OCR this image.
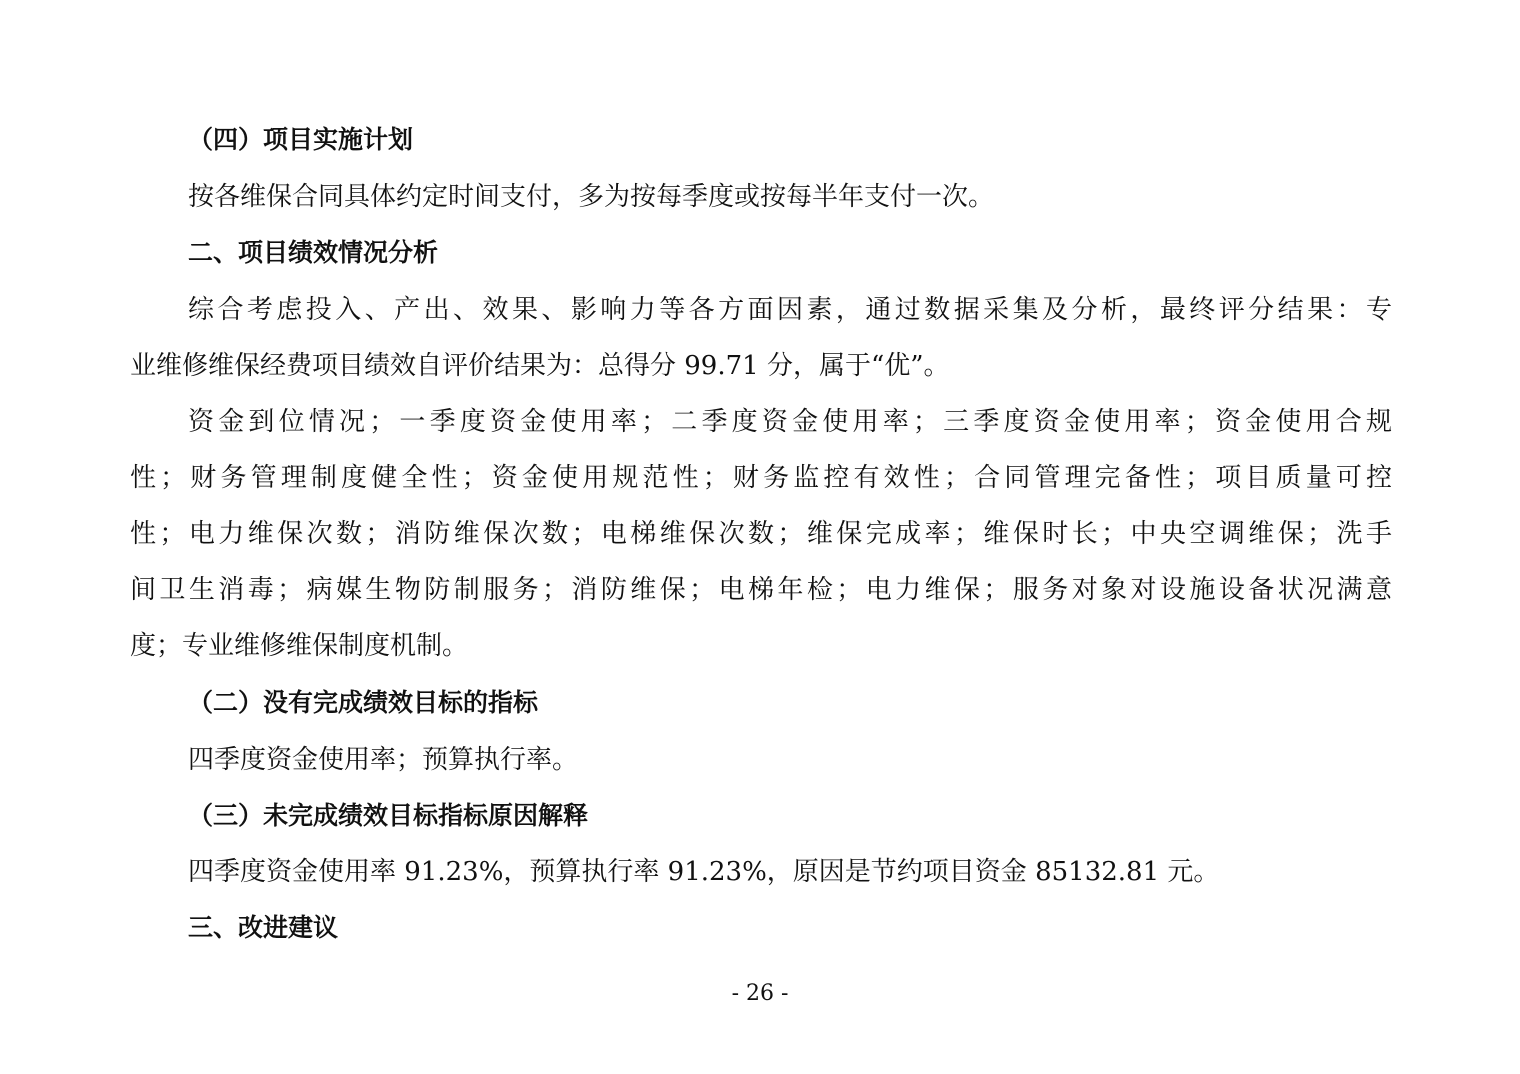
（四）项目实施计划
按各维保合同具体约定时间支付，多为按每季度或按每半年支付一次。
二、项目绩效情况分析
综合考虑投入、产出、效果、影响力等各方面因素，通过数据采集及分析，最终评分结果：专
业维修维保经费项目绩效自评价结果为：总得分 99.71 分，属于“优”。
资金到位情况；一季度资金使用率；二季度资金使用率；三季度资金使用率；资金使用合规
性；财务管理制度健全性；资金使用规范性；财务监控有效性；合同管理完备性；项目质量可控
性；电力维保次数；消防维保次数；电梯维保次数；维保完成率；维保时长；中央空调维保；洗手
间卫生消毒；病媒生物防制服务；消防维保；电梯年检；电力维保；服务对象对设施设备状况满意
度；专业维修维保制度机制。
（二）没有完成绩效目标的指标
四季度资金使用率；预算执行率。
（三）未完成绩效目标指标原因解释
四季度资金使用率 91.23%，预算执行率 91.23%，原因是节约项目资金 85132.81 元。
三、改进建议
- 26 -
